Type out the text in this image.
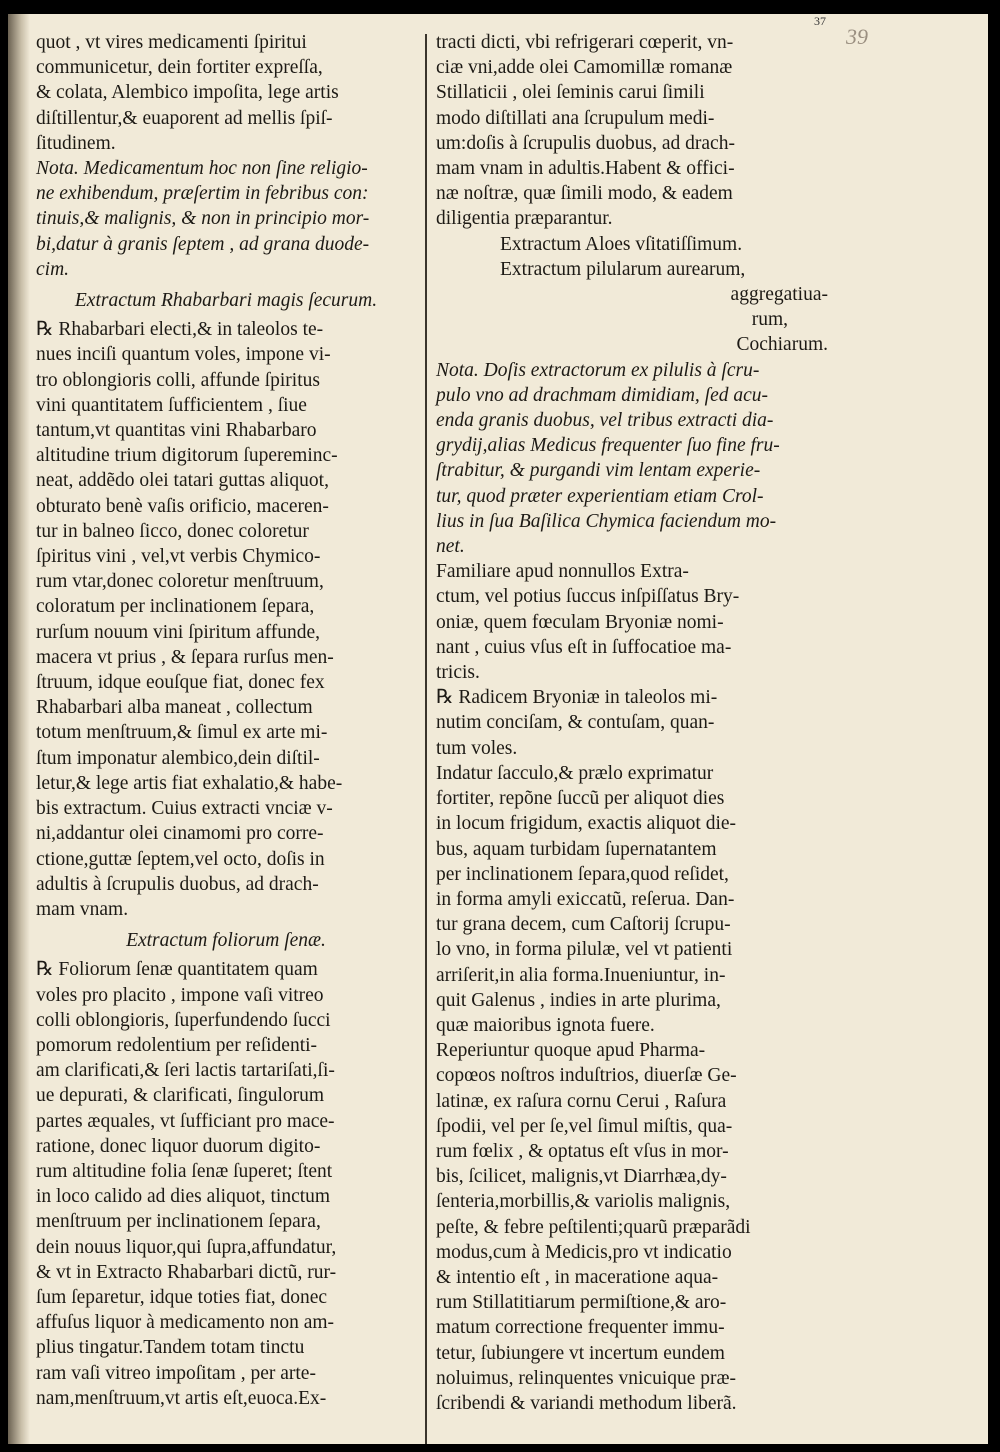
37
39
quot , vt vires medicamenti ſpiritui
communicetur, dein fortiter expreſſa,
& colata, Alembico impoſita, lege artis
diſtillentur,& euaporent ad mellis ſpiſ-
ſitudinem.
Nota. Medicamentum hoc non ſine religio-
ne exhibendum, præſertim in febribus con:
tinuis,& malignis, & non in principio mor-
bi,datur à granis ſeptem , ad grana duode-
cim.
Extractum Rhabarbari magis ſecurum.
℞ Rhabarbari electi,& in taleolos te-
nues inciſi quantum voles, impone vi-
tro oblongioris colli, affunde ſpiritus
vini quantitatem ſufficientem , ſiue
tantum,vt quantitas vini Rhabarbaro
altitudine trium digitorum ſupereminc-
neat, addẽdo olei tatari guttas aliquot,
obturato benè vaſis orificio, maceren-
tur in balneo ſicco, donec coloretur
ſpiritus vini , vel,vt verbis Chymico-
rum vtar,donec coloretur menſtruum,
coloratum per inclinationem ſepara,
rurſum nouum vini ſpiritum affunde,
macera vt prius , & ſepara rurſus men-
ſtruum, idque eouſque fiat, donec fex
Rhabarbari alba maneat , collectum
totum menſtruum,& ſimul ex arte mi-
ſtum imponatur alembico,dein diſtil-
letur,& lege artis fiat exhalatio,& habe-
bis extractum. Cuius extracti vnciæ v-
ni,addantur olei cinamomi pro corre-
ctione,guttæ ſeptem,vel octo, doſis in
adultis à ſcrupulis duobus, ad drach-
mam vnam.
Extractum foliorum ſenæ.
℞ Foliorum ſenæ quantitatem quam
voles pro placito , impone vaſi vitreo
colli oblongioris, ſuperfundendo ſucci
pomorum redolentium per reſidenti-
am clarificati,& ſeri lactis tartariſati,ſi-
ue depurati, & clarificati, ſingulorum
partes æquales, vt ſufficiant pro mace-
ratione, donec liquor duorum digito-
rum altitudine folia ſenæ ſuperet; ſtent
in loco calido ad dies aliquot, tinctum
menſtruum per inclinationem ſepara,
dein nouus liquor,qui ſupra,affundatur,
& vt in Extracto Rhabarbari dictũ, rur-
ſum ſeparetur, idque toties fiat, donec
affuſus liquor à medicamento non am-
plius tingatur.Tandem totam tinctu
ram vaſi vitreo impoſitam , per arte-
nam,menſtruum,vt artis eſt,euoca.Ex-
tracti dicti, vbi refrigerari cœperit, vn-
ciæ vni,adde olei Camomillæ romanæ
Stillaticii , olei ſeminis carui ſimili
modo diſtillati ana ſcrupulum medi-
um:doſis à ſcrupulis duobus, ad drach-
mam vnam in adultis.Habent & offici-
næ noſtræ, quæ ſimili modo, & eadem
diligentia præparantur.
Extractum Aloes vſitatiſſimum.
Extractum pilularum aurearum,
aggregatiua-
rum,
Cochiarum.
Nota. Doſis extractorum ex pilulis à ſcru-
pulo vno ad drachmam dimidiam, ſed acu-
enda granis duobus, vel tribus extracti dia-
grydij,alias Medicus frequenter ſuo fine fru-
ſtrabitur, & purgandi vim lentam experie-
tur, quod præter experientiam etiam Crol-
lius in ſua Baſilica Chymica faciendum mo-
net.
Familiare apud nonnullos Extra-
ctum, vel potius ſuccus inſpiſſatus Bry-
oniæ, quem fœculam Bryoniæ nomi-
nant , cuius vſus eſt in ſuffocatioe ma-
tricis.
℞ Radicem Bryoniæ in taleolos mi-
nutim conciſam, & contuſam, quan-
tum voles.
Indatur ſacculo,& prælo exprimatur
fortiter, repõne ſuccũ per aliquot dies
in locum frigidum, exactis aliquot die-
bus, aquam turbidam ſupernatantem
per inclinationem ſepara,quod reſidet,
in forma amyli exiccatũ, reſerua. Dan-
tur grana decem, cum Caſtorij ſcrupu-
lo vno, in forma pilulæ, vel vt patienti
arriſerit,in alia forma.Inueniuntur, in-
quit Galenus , indies in arte plurima,
quæ maioribus ignota fuere.
Reperiuntur quoque apud Pharma-
copœos noſtros induſtrios, diuerſæ Ge-
latinæ, ex raſura cornu Cerui , Raſura
ſpodii, vel per ſe,vel ſimul miſtis, qua-
rum fœlix , & optatus eſt vſus in mor-
bis, ſcilicet, malignis,vt Diarrhæa,dy-
ſenteria,morbillis,& variolis malignis,
peſte, & febre peſtilenti;quarũ præparãdi
modus,cum à Medicis,pro vt indicatio
& intentio eſt , in maceratione aqua-
rum Stillatitiarum permiſtione,& aro-
matum correctione frequenter immu-
tetur, ſubiungere vt incertum eundem
noluimus, relinquentes vnicuique præ-
ſcribendi & variandi methodum liberã.
